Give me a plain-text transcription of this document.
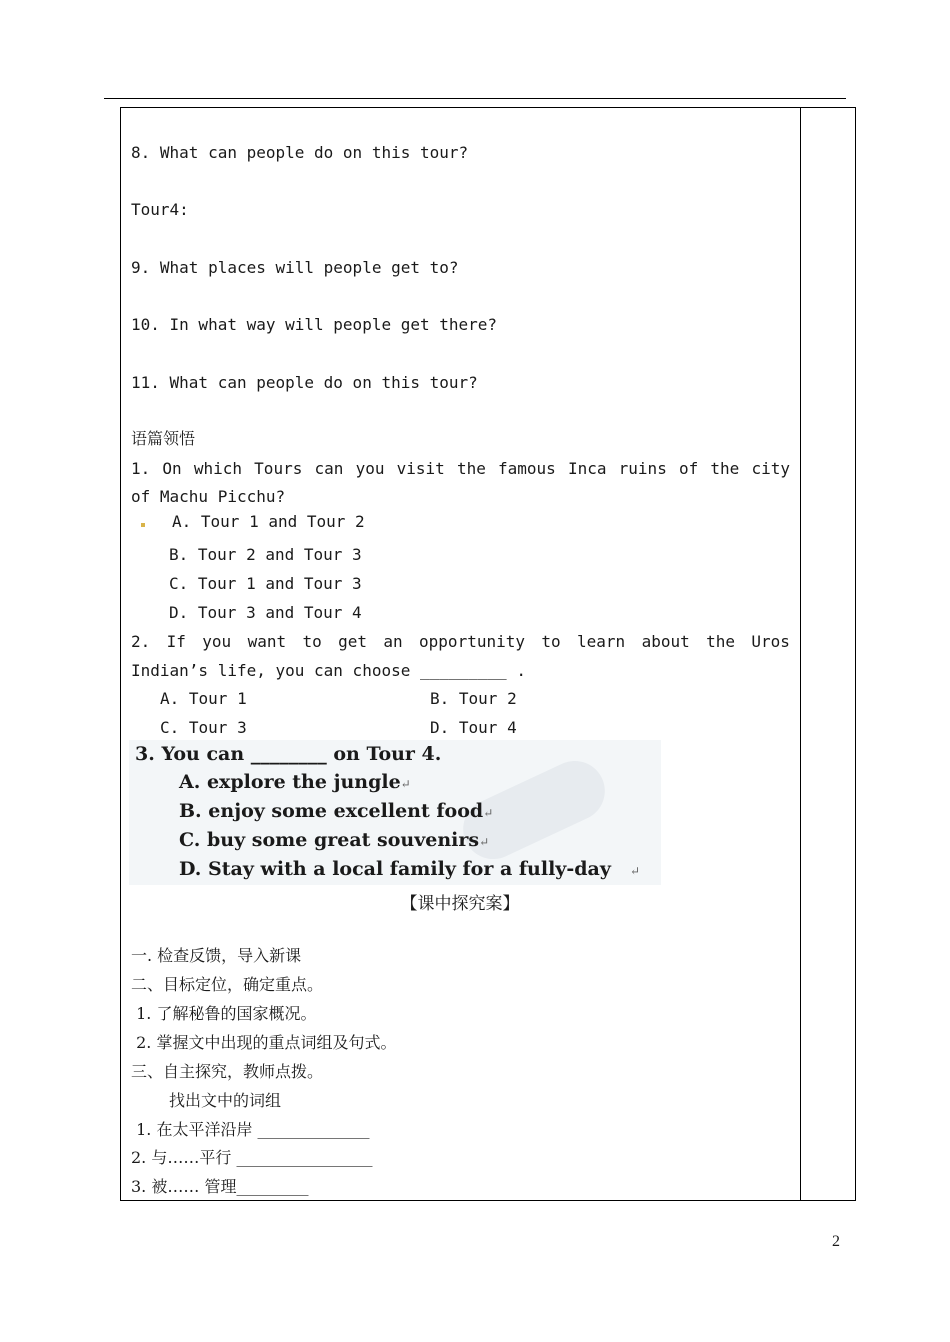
8. What can people do on this tour?
Tour4:
9. What places will people get to?
10. In what way will people get there?
11. What can people do on this tour?
语篇领悟
1. On which Tours can you visit the famous Inca ruins of the city
of Machu Picchu?
A. Tour 1 and Tour 2
B. Tour 2 and Tour 3
C. Tour 1 and Tour 3
D. Tour 3 and Tour 4
2. If you want to get an opportunity to learn about the Uros
Indian’s life, you can choose _________ .
A. Tour 1	B. Tour 2
C. Tour 3	D. Tour 4
3. You can ________ on Tour 4.
A. explore the jungle↵
B. enjoy some excellent food↵
C. buy some great souvenirs↵
D. Stay with a local family for a fully-day     ↵
【课中探究案】
一. 检查反馈，导入新课
二、目标定位，确定重点。
1. 了解秘鲁的国家概况。
2. 掌握文中出现的重点词组及句式。
三、自主探究，教师点拨。
找出文中的词组
1. 在太平洋沿岸 ______________
2. 与……平行 _________________
3. 被…… 管理_________
2
